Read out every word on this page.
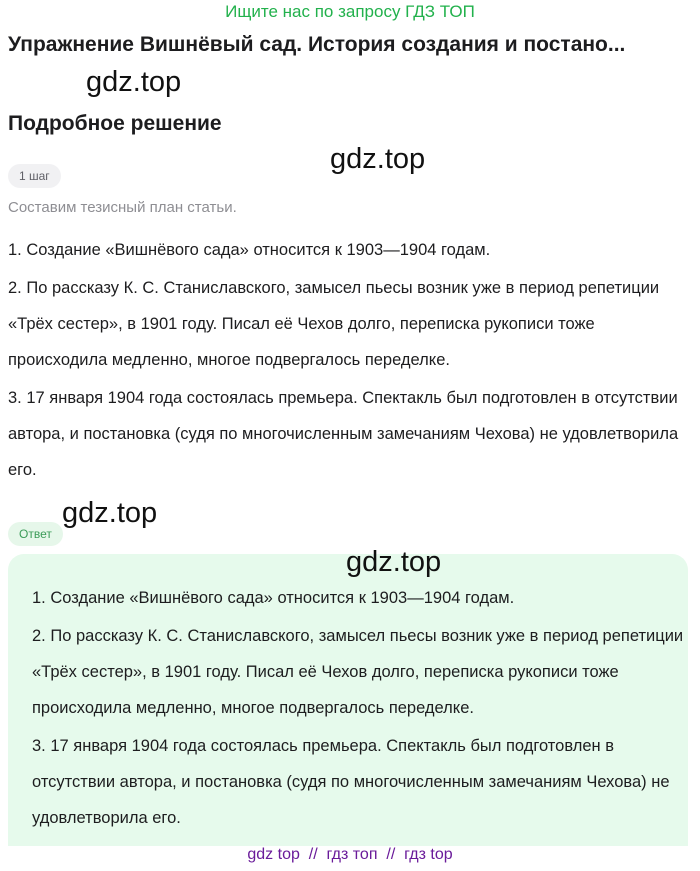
Ищите нас по запросу ГДЗ ТОП
Упражнение Вишнёвый сад. История создания и постано...
gdz.top
Подробное решение
gdz.top
1 шаг
Составим тезисный план статьи.

1. Создание «Вишнёвого сада» относится к 1903—1904 годам.

2. По рассказу К. С. Станиславского, замысел пьесы возник уже в период репетиции «Трёх сестер», в 1901 году. Писал её Чехов долго, переписка рукописи тоже происходила медленно, многое подвергалось переделке.

3. 17 января 1904 года состоялась премьера. Спектакль был подготовлен в отсутствии автора, и постановка (судя по многочисленным замечаниям Чехова) не удовлетворила его.

gdz.top
Ответ
gdz.top

1. Создание «Вишнёвого сада» относится к 1903—1904 годам.

2. По рассказу К. С. Станиславского, замысел пьесы возник уже в период репетиции «Трёх сестер», в 1901 году. Писал её Чехов долго, переписка рукописи тоже происходила медленно, многое подвергалось переделке.

3. 17 января 1904 года состоялась премьера. Спектакль был подготовлен в отсутствии автора, и постановка (судя по многочисленным замечаниям Чехова) не удовлетворила его.

gdz top  //  гдз топ  //  гдз top
